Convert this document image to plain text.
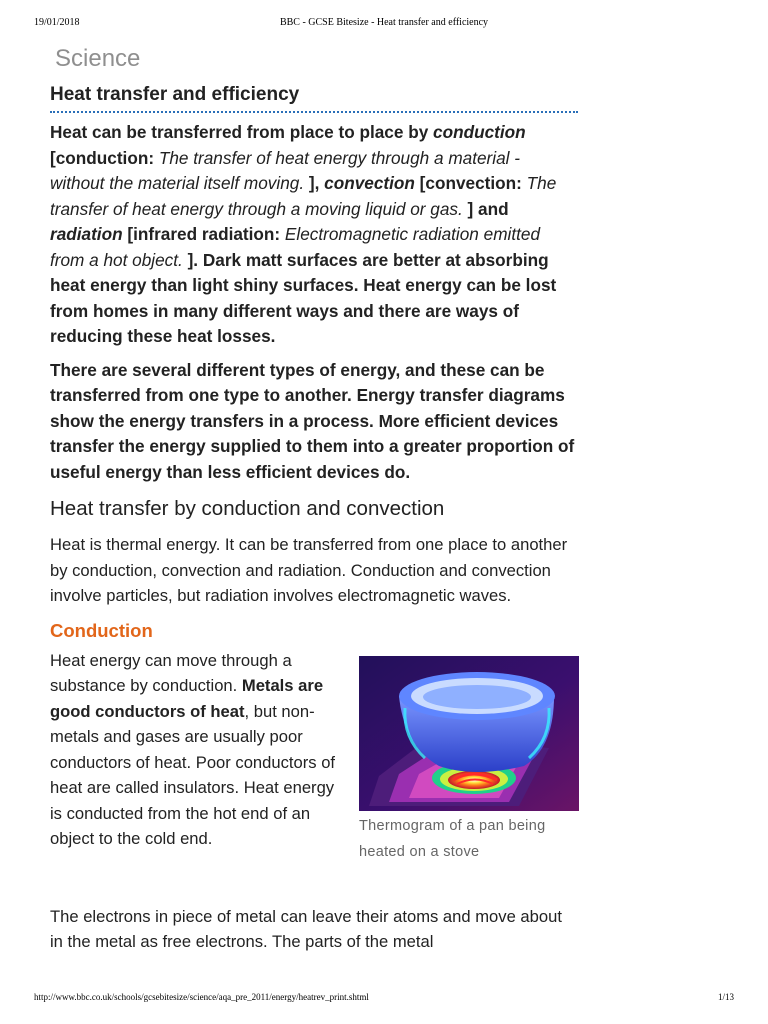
19/01/2018	BBC - GCSE Bitesize - Heat transfer and efficiency
Science
Heat transfer and efficiency

Heat can be transferred from place to place by conduction [conduction: The transfer of heat energy through a material - without the material itself moving. ], convection [convection: The transfer of heat energy through a moving liquid or gas. ] and radiation [infrared radiation: Electromagnetic radiation emitted from a hot object. ]. Dark matt surfaces are better at absorbing heat energy than light shiny surfaces. Heat energy can be lost from homes in many different ways and there are ways of reducing these heat losses.

There are several different types of energy, and these can be transferred from one type to another. Energy transfer diagrams show the energy transfers in a process. More efficient devices transfer the energy supplied to them into a greater proportion of useful energy than less efficient devices do.

Heat transfer by conduction and convection

Heat is thermal energy. It can be transferred from one place to another by conduction, convection and radiation. Conduction and convection involve particles, but radiation involves electromagnetic waves.

Conduction

Heat energy can move through a substance by conduction. Metals are good conductors of heat, but non-metals and gases are usually poor conductors of heat. Poor conductors of heat are called insulators. Heat energy is conducted from the hot end of an object to the cold end.

Thermogram of a pan being heated on a stove

The electrons in piece of metal can leave their atoms and move about in the metal as free electrons. The parts of the metal

http://www.bbc.co.uk/schools/gcsebitesize/science/aqa_pre_2011/energy/heatrev_print.shtml	1/13
